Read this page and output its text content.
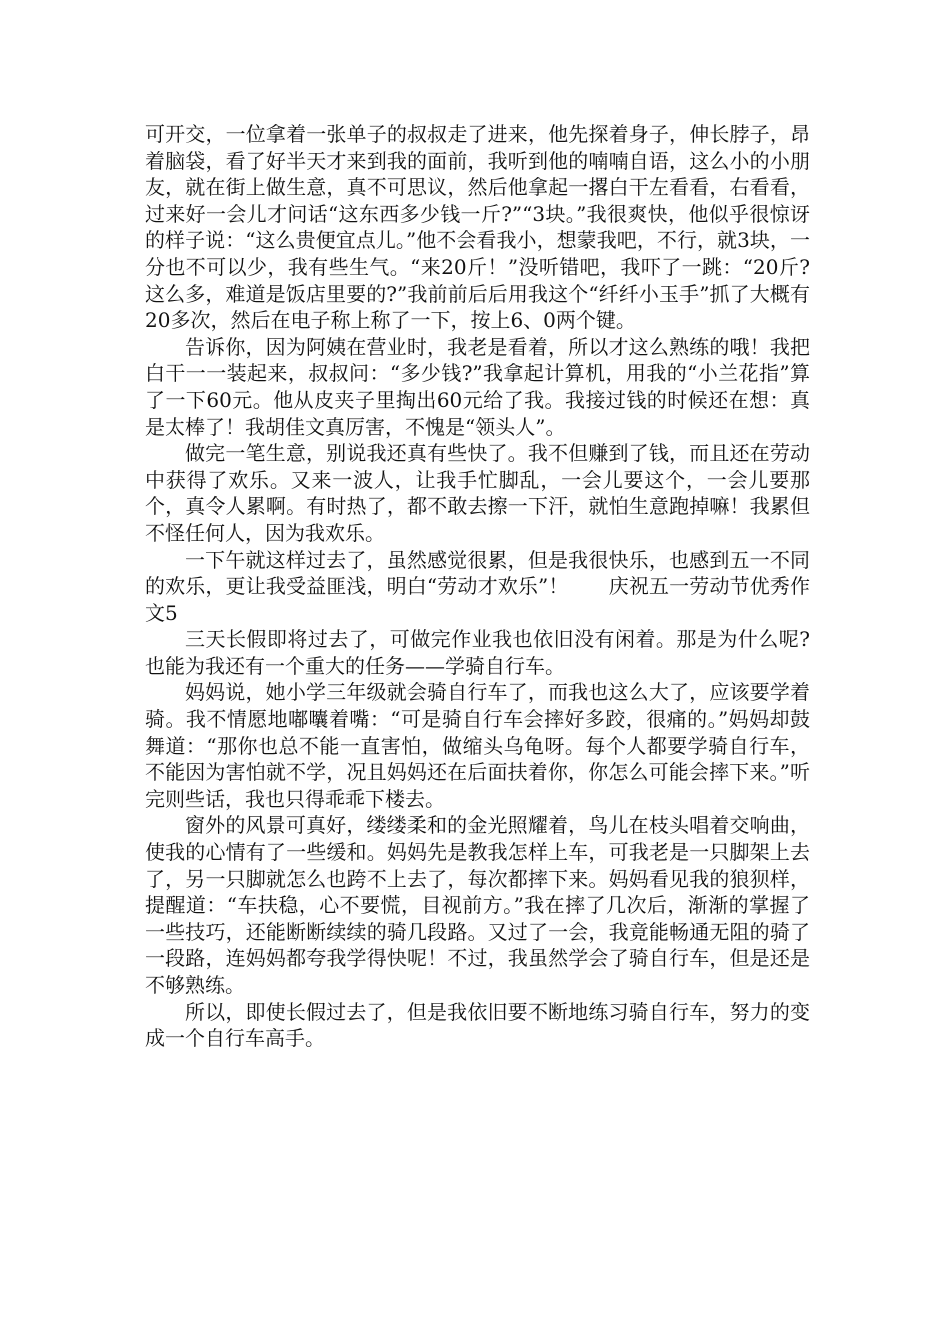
可开交，一位拿着一张单子的叔叔走了进来，他先探着身子，伸长脖子，昂着脑袋，看了好半天才来到我的面前，我听到他的喃喃自语，这么小的小朋友，就在街上做生意，真不可思议，然后他拿起一撂白干左看看，右看看，过来好一会儿才问话“这东西多少钱一斤?”“3块。”我很爽快，他似乎很惊讶的样子说：“这么贵便宜点儿。”他不会看我小，想蒙我吧，不行，就3块，一分也不可以少，我有些生气。“来20斤！”没听错吧，我吓了一跳：“20斤?这么多，难道是饭店里要的?”我前前后后用我这个“纤纤小玉手”抓了大概有20多次，然后在电子称上称了一下，按上6、0两个键。

告诉你，因为阿姨在营业时，我老是看着，所以才这么熟练的哦！我把白干一一装起来，叔叔问：“多少钱?”我拿起计算机，用我的“小兰花指”算了一下60元。他从皮夹子里掏出60元给了我。我接过钱的时候还在想：真是太棒了！我胡佳文真厉害，不愧是“领头人”。

做完一笔生意，别说我还真有些快了。我不但赚到了钱，而且还在劳动中获得了欢乐。又来一波人，让我手忙脚乱，一会儿要这个，一会儿要那个，真令人累啊。有时热了，都不敢去擦一下汗，就怕生意跑掉嘛！我累但不怪任何人，因为我欢乐。

一下午就这样过去了，虽然感觉很累，但是我很快乐，也感到五一不同的欢乐，更让我受益匪浅，明白“劳动才欢乐”！　　庆祝五一劳动节优秀作文5

三天长假即将过去了，可做完作业我也依旧没有闲着。那是为什么呢?也能为我还有一个重大的任务——学骑自行车。

妈妈说，她小学三年级就会骑自行车了，而我也这么大了，应该要学着骑。我不情愿地嘟囔着嘴：“可是骑自行车会摔好多跤，很痛的。”妈妈却鼓舞道：“那你也总不能一直害怕，做缩头乌龟呀。每个人都要学骑自行车，不能因为害怕就不学，况且妈妈还在后面扶着你，你怎么可能会摔下来。”听完则些话，我也只得乖乖下楼去。

窗外的风景可真好，缕缕柔和的金光照耀着，鸟儿在枝头唱着交响曲，使我的心情有了一些缓和。妈妈先是教我怎样上车，可我老是一只脚架上去了，另一只脚就怎么也跨不上去了，每次都摔下来。妈妈看见我的狼狈样，提醒道：“车扶稳，心不要慌，目视前方。”我在摔了几次后，渐渐的掌握了一些技巧，还能断断续续的骑几段路。又过了一会，我竟能畅通无阻的骑了一段路，连妈妈都夸我学得快呢！不过，我虽然学会了骑自行车，但是还是不够熟练。

所以，即使长假过去了，但是我依旧要不断地练习骑自行车，努力的变成一个自行车高手。
